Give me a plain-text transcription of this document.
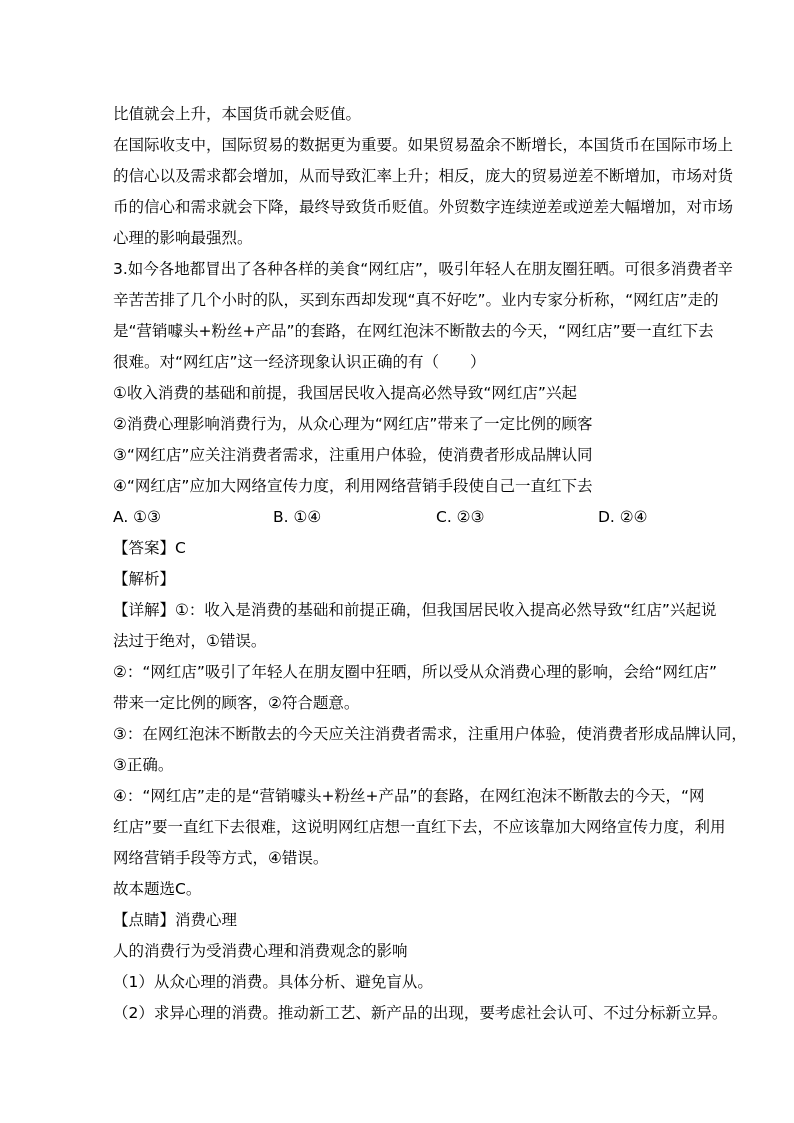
比值就会上升，本国货币就会贬值。
在国际收支中，国际贸易的数据更为重要。如果贸易盈余不断增长，本国货币在国际市场上
的信心以及需求都会增加，从而导致汇率上升；相反，庞大的贸易逆差不断增加，市场对货
币的信心和需求就会下降，最终导致货币贬值。外贸数字连续逆差或逆差大幅增加，对市场
心理的影响最强烈。
3.如今各地都冒出了各种各样的美食“网红店”，吸引年轻人在朋友圈狂晒。可很多消费者辛
辛苦苦排了几个小时的队，买到东西却发现“真不好吃”。业内专家分析称，“网红店”走的
是“营销噱头+粉丝+产品”的套路，在网红泡沫不断散去的今天，“网红店”要一直红下去
很难。对“网红店”这一经济现象认识正确的有（　　）
①收入消费的基础和前提，我国居民收入提高必然导致“网红店”兴起
②消费心理影响消费行为，从众心理为“网红店”带来了一定比例的顾客
③“网红店”应关注消费者需求，注重用户体验，使消费者形成品牌认同
④“网红店”应加大网络宣传力度，利用网络营销手段使自己一直红下去
A. ①③	B. ①④	C. ②③	D. ②④
【答案】C
【解析】
【详解】①：收入是消费的基础和前提正确，但我国居民收入提高必然导致“红店”兴起说
法过于绝对，①错误。
②：“网红店”吸引了年轻人在朋友圈中狂晒，所以受从众消费心理的影响，会给“网红店”
带来一定比例的顾客，②符合题意。
③：在网红泡沫不断散去的今天应关注消费者需求，注重用户体验，使消费者形成品牌认同，
③正确。
④：“网红店”走的是“营销噱头+粉丝+产品”的套路，在网红泡沫不断散去的今天，“网
红店”要一直红下去很难，这说明网红店想一直红下去，不应该靠加大网络宣传力度，利用
网络营销手段等方式，④错误。
故本题选C。
【点睛】消费心理
人的消费行为受消费心理和消费观念的影响
（1）从众心理的消费。具体分析、避免盲从。
（2）求异心理的消费。推动新工艺、新产品的出现，要考虑社会认可、不过分标新立异。
